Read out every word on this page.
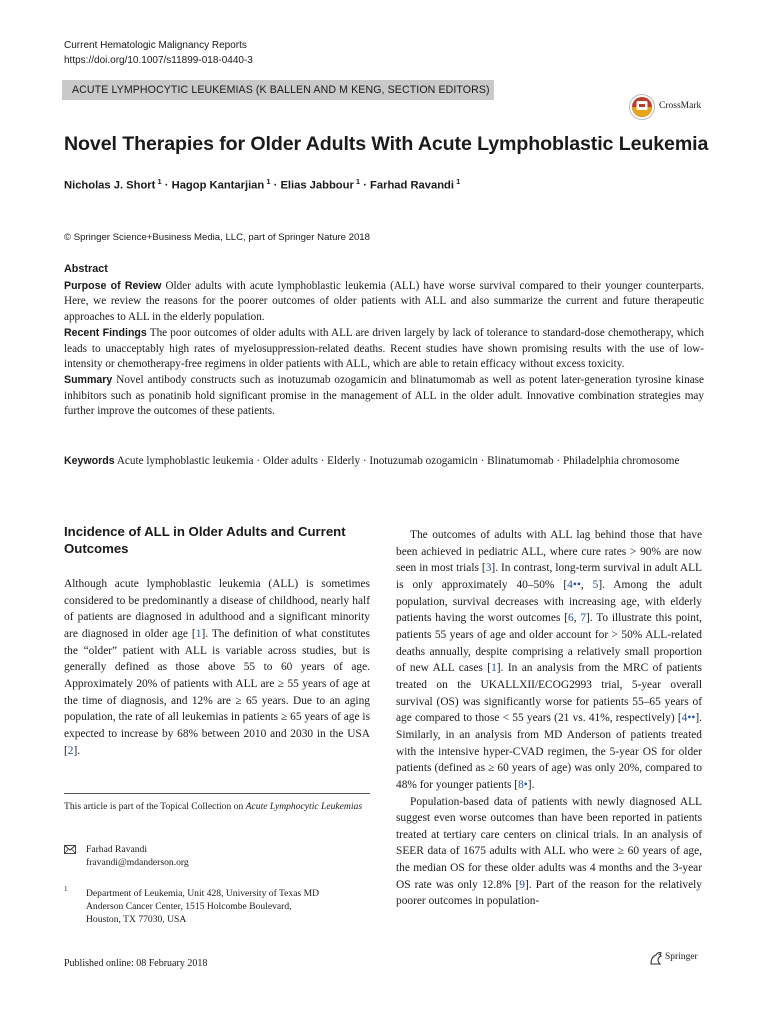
Current Hematologic Malignancy Reports
https://doi.org/10.1007/s11899-018-0440-3
ACUTE LYMPHOCYTIC LEUKEMIAS (K BALLEN AND M KENG, SECTION EDITORS)
CrossMark
Novel Therapies for Older Adults With Acute Lymphoblastic Leukemia
Nicholas J. Short $^1$ · Hagop Kantarjian $^1$ · Elias Jabbour $^1$ · Farhad Ravandi $^1$
© Springer Science+Business Media, LLC, part of Springer Nature 2018
Abstract

Purpose of Review Older adults with acute lymphoblastic leukemia (ALL) have worse survival compared to their younger counterparts. Here, we review the reasons for the poorer outcomes of older patients with ALL and also summarize the current and future therapeutic approaches to ALL in the elderly population.

Recent Findings The poor outcomes of older adults with ALL are driven largely by lack of tolerance to standard-dose chemotherapy, which leads to unacceptably high rates of myelosuppression-related deaths. Recent studies have shown promising results with the use of low-intensity or chemotherapy-free regimens in older patients with ALL, which are able to retain efficacy without excess toxicity.

Summary Novel antibody constructs such as inotuzumab ozogamicin and blinatumomab as well as potent later-generation tyrosine kinase inhibitors such as ponatinib hold significant promise in the management of ALL in the older adult. Innovative combination strategies may further improve the outcomes of these patients.

Keywords Acute lymphoblastic leukemia · Older adults · Elderly · Inotuzumab ozogamicin · Blinatumomab · Philadelphia chromosome
Incidence of ALL in Older Adults and Current Outcomes

Although acute lymphoblastic leukemia (ALL) is sometimes considered to be predominantly a disease of childhood, nearly half of patients are diagnosed in adulthood and a significant minority are diagnosed in older age [1]. The definition of what constitutes the “older” patient with ALL is variable across studies, but is generally defined as those above 55 to 60 years of age. Approximately 20% of patients with ALL are ≥ 55 years of age at the time of diagnosis, and 12% are ≥ 65 years. Due to an aging population, the rate of all leukemias in patients ≥ 65 years of age is expected to increase by 68% between 2010 and 2030 in the USA [2].

This article is part of the Topical Collection on Acute Lymphocytic Leukemias
Farhad Ravandi
fravandi@mdanderson.org
1 Department of Leukemia, Unit 428, University of Texas MD
Anderson Cancer Center, 1515 Holcombe Boulevard,
Houston, TX 77030, USA

The outcomes of adults with ALL lag behind those that have been achieved in pediatric ALL, where cure rates > 90% are now seen in most trials [3]. In contrast, long-term survival in adult ALL is only approximately 40–50% [4••, 5]. Among the adult population, survival decreases with increasing age, with elderly patients having the worst outcomes [6, 7]. To illustrate this point, patients 55 years of age and older account for > 50% ALL-related deaths annually, despite comprising a relatively small proportion of new ALL cases [1]. In an analysis from the MRC of patients treated on the UKALLXII/ECOG2993 trial, 5-year overall survival (OS) was significantly worse for patients 55–65 years of age compared to those < 55 years (21 vs. 41%, respectively) [4••]. Similarly, in an analysis from MD Anderson of patients treated with the intensive hyper-CVAD regimen, the 5-year OS for older patients (defined as ≥ 60 years of age) was only 20%, compared to 48% for younger patients [8•].

Population-based data of patients with newly diagnosed ALL suggest even worse outcomes than have been reported in patients treated at tertiary care centers on clinical trials. In an analysis of SEER data of 1675 adults with ALL who were ≥ 60 years of age, the median OS for these older adults was 4 months and the 3-year OS rate was only 12.8% [9]. Part of the reason for the relatively poorer outcomes in population-

Published online: 08 February 2018
Springer
